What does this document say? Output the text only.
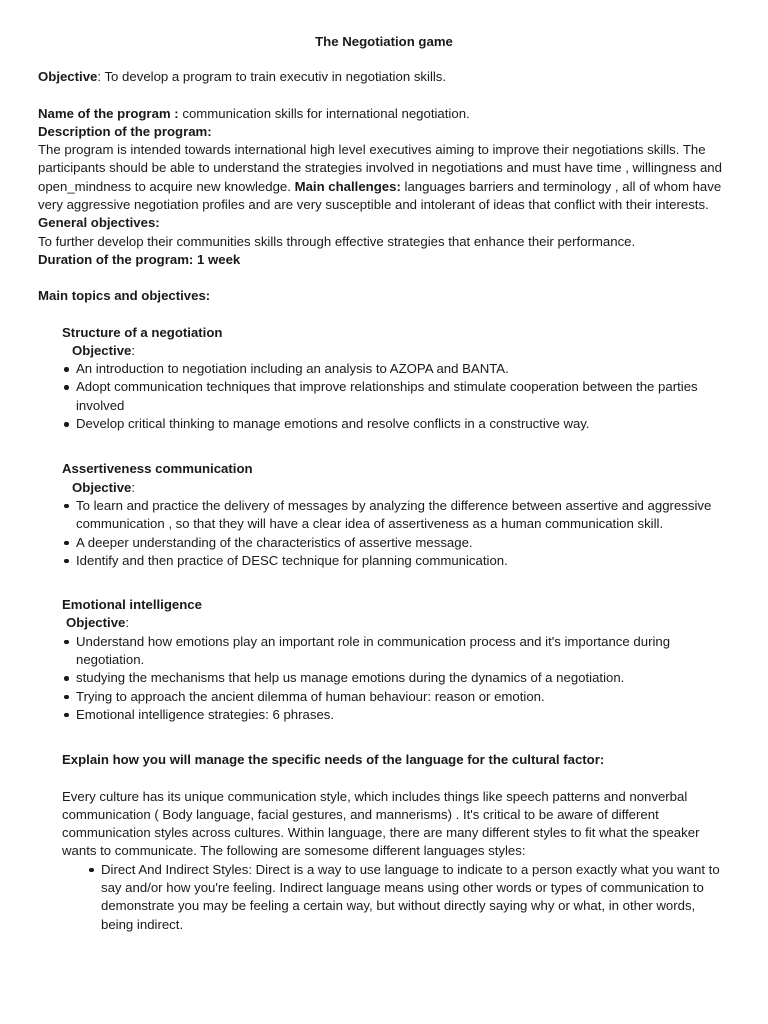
The Negotiation game

Objective: To develop a program to train executiv in negotiation skills.

Name of the program : communication skills for international negotiation.

Description of the program:

The program is intended towards international high level executives aiming to improve their negotiations skills. The participants should be able to understand the strategies involved in negotiations and must have time , willingness and open_mindness to acquire new knowledge. Main challenges: languages barriers and terminology , all of whom have very aggressive negotiation profiles and are very susceptible and intolerant of ideas that conflict with their interests.

General objectives:

To further develop their communities skills through effective strategies that enhance their performance.

Duration of the program: 1 week

Main topics and objectives:

Structure of a negotiation

Objective:

An introduction to negotiation including an analysis to AZOPA and BANTA.
Adopt communication techniques that improve relationships and stimulate cooperation between the parties involved
Develop critical thinking to manage emotions and resolve conflicts in a constructive way.

Assertiveness communication

Objective:

To learn and practice the delivery of messages by analyzing the difference between assertive and aggressive communication , so that they will have a clear idea of assertiveness as a human communication skill.
A deeper understanding of the characteristics of assertive message.
Identify and then practice of DESC technique for planning communication.

Emotional intelligence

Objective:

Understand how emotions play an important role in communication process and it's importance during negotiation.
studying the mechanisms that help us manage emotions during the dynamics of a negotiation.
Trying to approach the ancient dilemma of human behaviour: reason or emotion.
Emotional intelligence strategies: 6 phrases.

Explain how you will manage the specific needs of the language for the cultural factor:

Every culture has its unique communication style, which includes things like speech patterns and nonverbal communication ( Body language, facial gestures, and mannerisms) . It's critical to be aware of different communication styles across cultures. Within language, there are many different styles to fit what the speaker wants to communicate. The following are somesome different languages styles:

Direct And Indirect Styles: Direct is a way to use language to indicate to a person exactly what you want to say and/or how you're feeling. Indirect language means using other words or types of communication to demonstrate you may be feeling a certain way, but without directly saying why or what, in other words, being indirect.
